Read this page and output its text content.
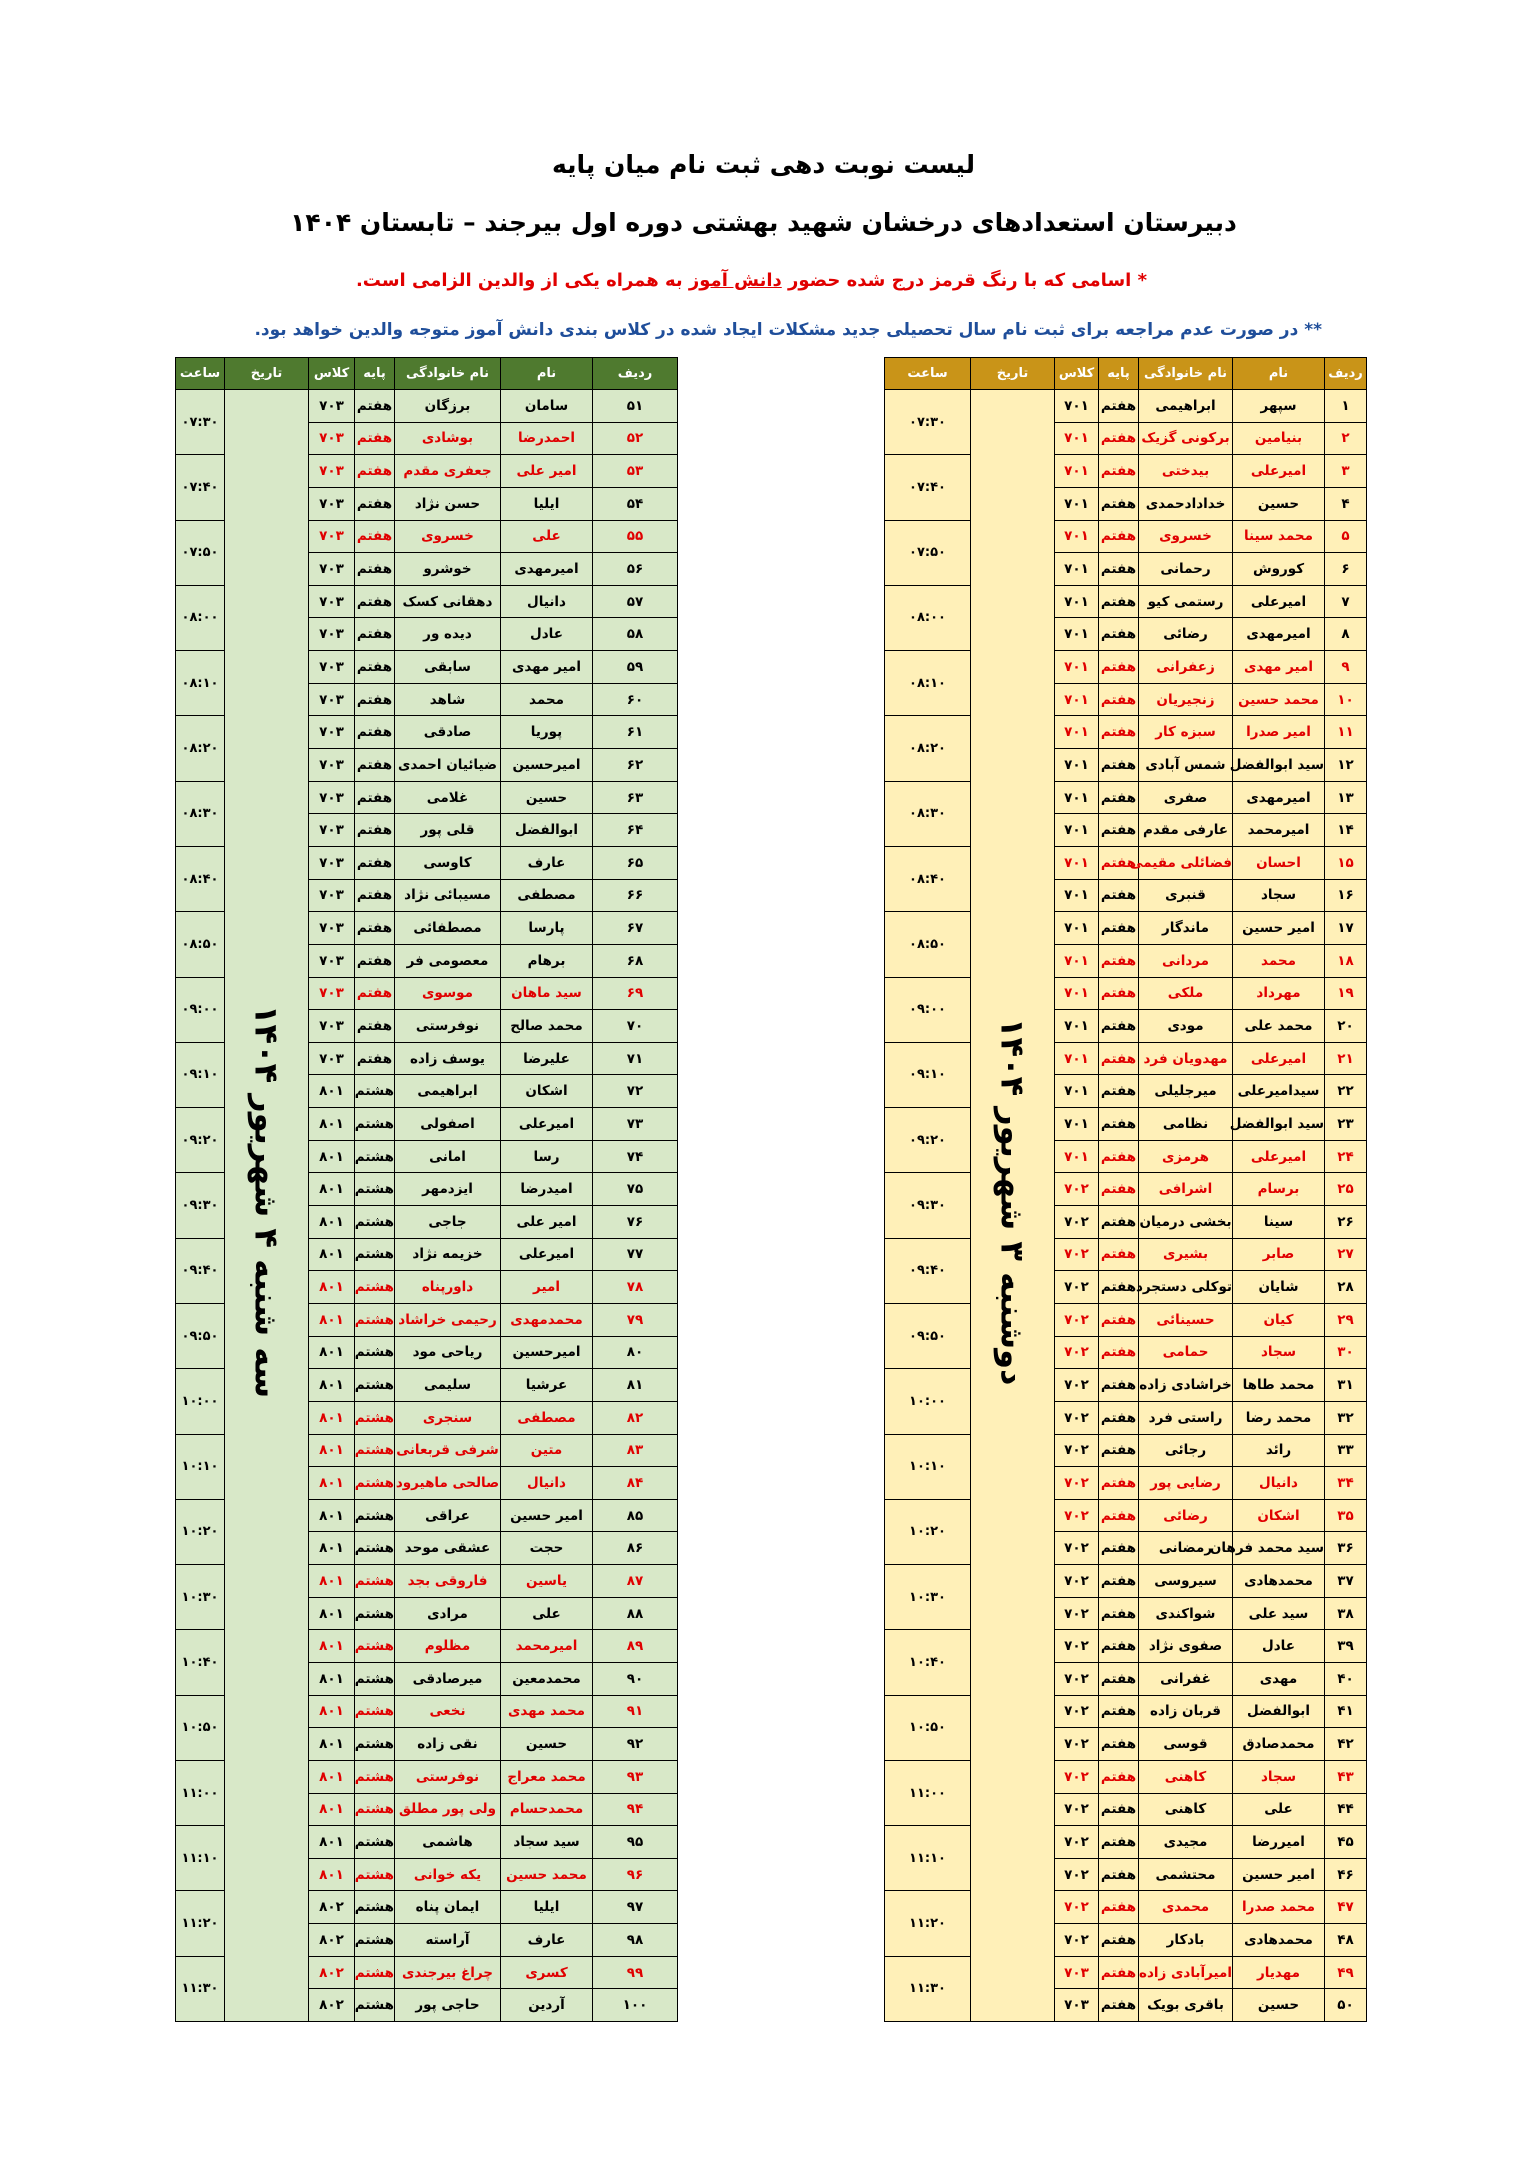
لیست نوبت دهی ثبت نام میان پایه
دبیرستان استعدادهای درخشان شهید بهشتی دوره اول بیرجند – تابستان ۱۴۰۴
* اسامی که با رنگ قرمز درج شده حضور دانش آموز به همراه یکی از والدین الزامی است.
** در صورت عدم مراجعه برای ثبت نام سال تحصیلی جدید مشکلات ایجاد شده در کلاس بندی دانش آموز متوجه والدین خواهد بود.
ردیف	نام	نام خانوادگی	پایه	کلاس	تاریخ	ساعت
۱	سپهر	ابراهیمی	هفتم	۷۰۱	دوشنبه ۳ شهریور ۱۴۰۴	۰۷:۳۰
۲	بنیامین	برکونی گزیک	هفتم	۷۰۱		
۳	امیرعلی	بیدختی	هفتم	۷۰۱		۰۷:۴۰
۴	حسین	خدادادحمدی	هفتم	۷۰۱		
۵	محمد سینا	خسروی	هفتم	۷۰۱		۰۷:۵۰
۶	کوروش	رحمانی	هفتم	۷۰۱		
۷	امیرعلی	رستمی کیو	هفتم	۷۰۱		۰۸:۰۰
۸	امیرمهدی	رضائی	هفتم	۷۰۱		
۹	امیر مهدی	زعفرانی	هفتم	۷۰۱		۰۸:۱۰
۱۰	محمد حسین	زنجیریان	هفتم	۷۰۱		
۱۱	امیر صدرا	سبزه کار	هفتم	۷۰۱		۰۸:۲۰
۱۲	سید ابوالفضل	شمس آبادی	هفتم	۷۰۱		
۱۳	امیرمهدی	صفری	هفتم	۷۰۱		۰۸:۳۰
۱۴	امیرمحمد	عارفی مقدم	هفتم	۷۰۱		
۱۵	احسان	فضائلی مقیمی	هفتم	۷۰۱		۰۸:۴۰
۱۶	سجاد	قنبری	هفتم	۷۰۱		
۱۷	امیر حسین	ماندگار	هفتم	۷۰۱		۰۸:۵۰
۱۸	محمد	مردانی	هفتم	۷۰۱		
۱۹	مهرداد	ملکی	هفتم	۷۰۱		۰۹:۰۰
۲۰	محمد علی	مودی	هفتم	۷۰۱		
۲۱	امیرعلی	مهدویان فرد	هفتم	۷۰۱		۰۹:۱۰
۲۲	سیدامیرعلی	میرجلیلی	هفتم	۷۰۱		
۲۳	سید ابوالفضل	نظامی	هفتم	۷۰۱		۰۹:۲۰
۲۴	امیرعلی	هرمزی	هفتم	۷۰۱		
۲۵	برسام	اشرافی	هفتم	۷۰۲		۰۹:۳۰
۲۶	سینا	بخشی درمیان	هفتم	۷۰۲		
۲۷	صابر	بشیری	هفتم	۷۰۲		۰۹:۴۰
۲۸	شایان	توکلی دستجرد	هفتم	۷۰۲		
۲۹	کیان	حسینائی	هفتم	۷۰۲		۰۹:۵۰
۳۰	سجاد	حمامی	هفتم	۷۰۲		
۳۱	محمد طاها	خراشادی زاده	هفتم	۷۰۲		۱۰:۰۰
۳۲	محمد رضا	راستی فرد	هفتم	۷۰۲		
۳۳	رائد	رجائی	هفتم	۷۰۲		۱۰:۱۰
۳۴	دانیال	رضایی پور	هفتم	۷۰۲		
۳۵	اشکان	رضائی	هفتم	۷۰۲		۱۰:۲۰
۳۶	سید محمد فرهان	رمضانی	هفتم	۷۰۲		
۳۷	محمدهادی	سیروسی	هفتم	۷۰۲		۱۰:۳۰
۳۸	سید علی	شواکندی	هفتم	۷۰۲		
۳۹	عادل	صفوی نژاد	هفتم	۷۰۲		۱۰:۴۰
۴۰	مهدی	غفرانی	هفتم	۷۰۲		
۴۱	ابوالفضل	قربان زاده	هفتم	۷۰۲		۱۰:۵۰
۴۲	محمدصادق	قوسی	هفتم	۷۰۲		
۴۳	سجاد	کاهنی	هفتم	۷۰۲		۱۱:۰۰
۴۴	علی	کاهنی	هفتم	۷۰۲		
۴۵	امیررضا	مجیدی	هفتم	۷۰۲		۱۱:۱۰
۴۶	امیر حسین	محتشمی	هفتم	۷۰۲		
۴۷	محمد صدرا	محمدی	هفتم	۷۰۲		۱۱:۲۰
۴۸	محمدهادی	بادکار	هفتم	۷۰۲		
۴۹	مهدیار	امیرآبادی زاده	هفتم	۷۰۳		۱۱:۳۰
۵۰	حسین	باقری بویک	هفتم	۷۰۳		
ردیف	نام	نام خانوادگی	پایه	کلاس	تاریخ	ساعت
۵۱	سامان	برزگان	هفتم	۷۰۳	سه شنبه ۴ شهریور ۱۴۰۴	۰۷:۳۰
۵۲	احمدرضا	بوشادی	هفتم	۷۰۳		
۵۳	امیر علی	جعفری مقدم	هفتم	۷۰۳		۰۷:۴۰
۵۴	ایلیا	حسن نژاد	هفتم	۷۰۳		
۵۵	علی	خسروی	هفتم	۷۰۳		۰۷:۵۰
۵۶	امیرمهدی	خوشرو	هفتم	۷۰۳		
۵۷	دانیال	دهقانی کسک	هفتم	۷۰۳		۰۸:۰۰
۵۸	عادل	دیده ور	هفتم	۷۰۳		
۵۹	امیر مهدی	سابقی	هفتم	۷۰۳		۰۸:۱۰
۶۰	محمد	شاهد	هفتم	۷۰۳		
۶۱	پوریا	صادقی	هفتم	۷۰۳		۰۸:۲۰
۶۲	امیرحسین	ضیائیان احمدی	هفتم	۷۰۳		
۶۳	حسین	غلامی	هفتم	۷۰۳		۰۸:۳۰
۶۴	ابوالفضل	قلی پور	هفتم	۷۰۳		
۶۵	عارف	کاوسی	هفتم	۷۰۳		۰۸:۴۰
۶۶	مصطفی	مسیبائی نژاد	هفتم	۷۰۳		
۶۷	پارسا	مصطفائی	هفتم	۷۰۳		۰۸:۵۰
۶۸	برهام	معصومی فر	هفتم	۷۰۳		
۶۹	سید ماهان	موسوی	هفتم	۷۰۳		۰۹:۰۰
۷۰	محمد صالح	نوفرستی	هفتم	۷۰۳		
۷۱	علیرضا	یوسف زاده	هفتم	۷۰۳		۰۹:۱۰
۷۲	اشکان	ابراهیمی	هشتم	۸۰۱		
۷۳	امیرعلی	اصفولی	هشتم	۸۰۱		۰۹:۲۰
۷۴	رسا	امانی	هشتم	۸۰۱		
۷۵	امیدرضا	ایزدمهر	هشتم	۸۰۱		۰۹:۳۰
۷۶	امیر علی	جاجی	هشتم	۸۰۱		
۷۷	امیرعلی	خزیمه نژاد	هشتم	۸۰۱		۰۹:۴۰
۷۸	امیر	داورپناه	هشتم	۸۰۱		
۷۹	محمدمهدی	رحیمی خراشاد	هشتم	۸۰۱		۰۹:۵۰
۸۰	امیرحسین	ریاحی مود	هشتم	۸۰۱		
۸۱	عرشیا	سلیمی	هشتم	۸۰۱		۱۰:۰۰
۸۲	مصطفی	سنجری	هشتم	۸۰۱		
۸۳	متین	شرفی قربعانی	هشتم	۸۰۱		۱۰:۱۰
۸۴	دانیال	صالحی ماهیرود	هشتم	۸۰۱		
۸۵	امیر حسین	عراقی	هشتم	۸۰۱		۱۰:۲۰
۸۶	حجت	عشقی موحد	هشتم	۸۰۱		
۸۷	یاسین	فاروقی بجد	هشتم	۸۰۱		۱۰:۳۰
۸۸	علی	مرادی	هشتم	۸۰۱		
۸۹	امیرمحمد	مظلوم	هشتم	۸۰۱		۱۰:۴۰
۹۰	محمدمعین	میرصادقی	هشتم	۸۰۱		
۹۱	محمد مهدی	نخعی	هشتم	۸۰۱		۱۰:۵۰
۹۲	حسین	نقی زاده	هشتم	۸۰۱		
۹۳	محمد معراج	نوفرستی	هشتم	۸۰۱		۱۱:۰۰
۹۴	محمدحسام	ولی پور مطلق	هشتم	۸۰۱		
۹۵	سید سجاد	هاشمی	هشتم	۸۰۱		۱۱:۱۰
۹۶	محمد حسین	یکه خوانی	هشتم	۸۰۱		
۹۷	ایلیا	ایمان پناه	هشتم	۸۰۲		۱۱:۲۰
۹۸	عارف	آراسته	هشتم	۸۰۲		
۹۹	کسری	چراغ بیرجندی	هشتم	۸۰۲		۱۱:۳۰
۱۰۰	آردین	حاجی پور	هشتم	۸۰۲		
